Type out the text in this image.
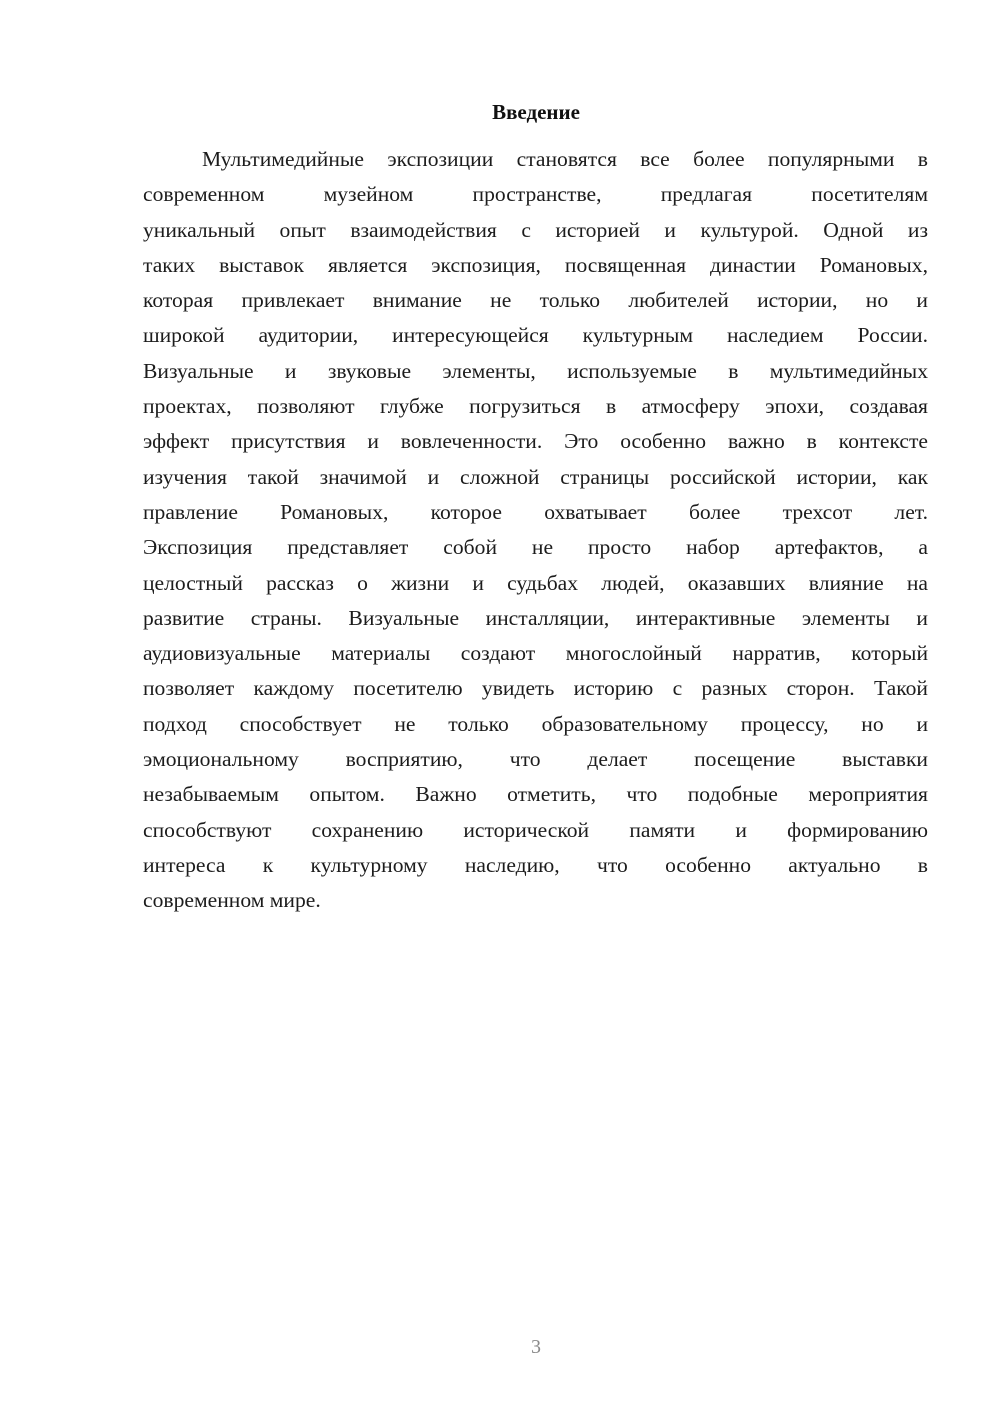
Введение
Мультимедийные экспозиции становятся все более популярными в
современном музейном пространстве, предлагая посетителям
уникальный опыт взаимодействия с историей и культурой. Одной из
таких выставок является экспозиция, посвященная династии Романовых,
которая привлекает внимание не только любителей истории, но и
широкой аудитории, интересующейся культурным наследием России.
Визуальные и звуковые элементы, используемые в мультимедийных
проектах, позволяют глубже погрузиться в атмосферу эпохи, создавая
эффект присутствия и вовлеченности. Это особенно важно в контексте
изучения такой значимой и сложной страницы российской истории, как
правление Романовых, которое охватывает более трехсот лет.
Экспозиция представляет собой не просто набор артефактов, а
целостный рассказ о жизни и судьбах людей, оказавших влияние на
развитие страны. Визуальные инсталляции, интерактивные элементы и
аудиовизуальные материалы создают многослойный нарратив, который
позволяет каждому посетителю увидеть историю с разных сторон. Такой
подход способствует не только образовательному процессу, но и
эмоциональному восприятию, что делает посещение выставки
незабываемым опытом. Важно отметить, что подобные мероприятия
способствуют сохранению исторической памяти и формированию
интереса к культурному наследию, что особенно актуально в
современном мире.
3
